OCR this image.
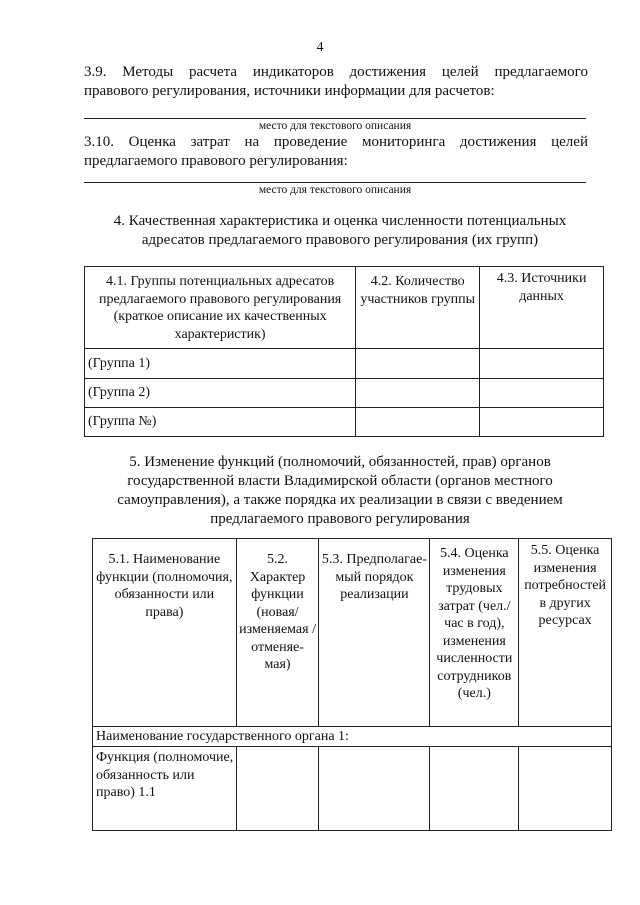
4
3.9. Методы расчета индикаторов достижения целей предлагаемого
правового регулирования, источники информации для расчетов:
место для текстового описания
3.10. Оценка затрат на проведение мониторинга достижения целей
предлагаемого правового регулирования:
место для текстового описания
4. Качественная характеристика и оценка численности потенциальных
адресатов предлагаемого правового регулирования (их групп)
4.1. Группы потенциальных адресатов предлагаемого правового регулирования (краткое описание их качественных характеристик)	4.2. Количество участников группы	4.3. Источники данных
(Группа 1)		
(Группа 2)		
(Группа №)		
5. Изменение функций (полномочий, обязанностей, прав) органов
государственной власти Владимирской области (органов местного
самоуправления), а также порядка их реализации в связи с введением
предлагаемого правового регулирования
5.1. Наименование функции (полномочия, обязанности или права)	5.2. Характер функции (новая/ изменяемая /отменяе-мая)	5.3. Предполагае-мый порядок реализации	5.4. Оценка изменения трудовых затрат (чел./час в год), изменения численности сотрудников (чел.)	5.5. Оценка изменения потребностей в других ресурсах
Наименование государственного органа 1:				
Функция (полномочие, обязанность или право) 1.1				
